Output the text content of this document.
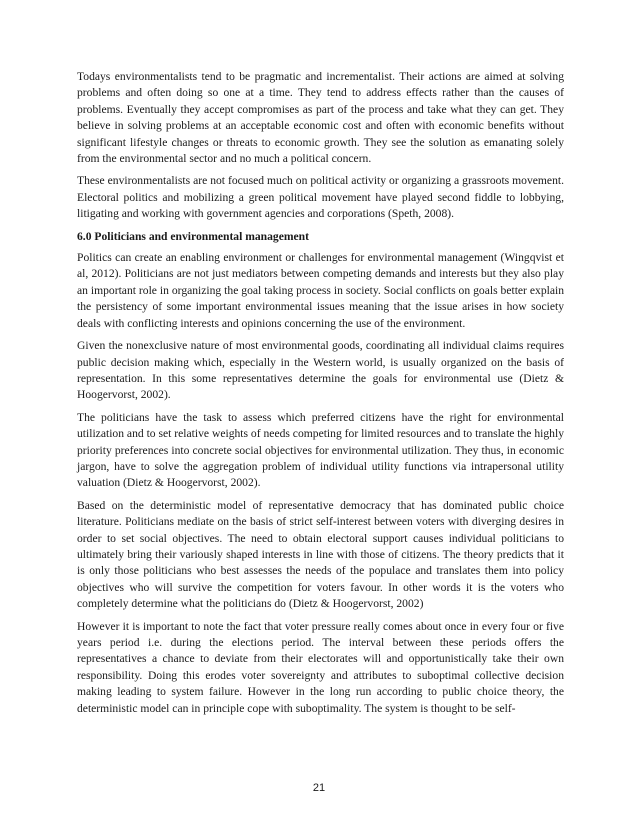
Todays environmentalists tend to be pragmatic and incrementalist. Their actions are aimed at solving problems and often doing so one at a time. They tend to address effects rather than the causes of problems. Eventually they accept compromises as part of the process and take what they can get. They believe in solving problems at an acceptable economic cost and often with economic benefits without significant lifestyle changes or threats to economic growth. They see the solution as emanating solely from the environmental sector and no much a political concern.

These environmentalists are not focused much on political activity or organizing a grassroots movement. Electoral politics and mobilizing a green political movement have played second fiddle to lobbying, litigating and working with government agencies and corporations (Speth, 2008).

6.0 Politicians and environmental management

Politics can create an enabling environment or challenges for environmental management (Wingqvist et al, 2012). Politicians are not just mediators between competing demands and interests but they also play an important role in organizing the goal taking process in society. Social conflicts on goals better explain the persistency of some important environmental issues meaning that the issue arises in how society deals with conflicting interests and opinions concerning the use of the environment.

Given the nonexclusive nature of most environmental goods, coordinating all individual claims requires public decision making which, especially in the Western world, is usually organized on the basis of representation. In this some representatives determine the goals for environmental use (Dietz & Hoogervorst, 2002).

The politicians have the task to assess which preferred citizens have the right for environmental utilization and to set relative weights of needs competing for limited resources and to translate the highly priority preferences into concrete social objectives for environmental utilization. They thus, in economic jargon, have to solve the aggregation problem of individual utility functions via intrapersonal utility valuation (Dietz & Hoogervorst, 2002).

Based on the deterministic model of representative democracy that has dominated public choice literature. Politicians mediate on the basis of strict self-interest between voters with diverging desires in order to set social objectives. The need to obtain electoral support causes individual politicians to ultimately bring their variously shaped interests in line with those of citizens. The theory predicts that it is only those politicians who best assesses the needs of the populace and translates them into policy objectives who will survive the competition for voters favour. In other words it is the voters who completely determine what the politicians do (Dietz & Hoogervorst, 2002)

However it is important to note the fact that voter pressure really comes about once in every four or five years period i.e. during the elections period. The interval between these periods offers the representatives a chance to deviate from their electorates will and opportunistically take their own responsibility. Doing this erodes voter sovereignty and attributes to suboptimal collective decision making leading to system failure. However in the long run according to public choice theory, the deterministic model can in principle cope with suboptimality. The system is thought to be self-

21
